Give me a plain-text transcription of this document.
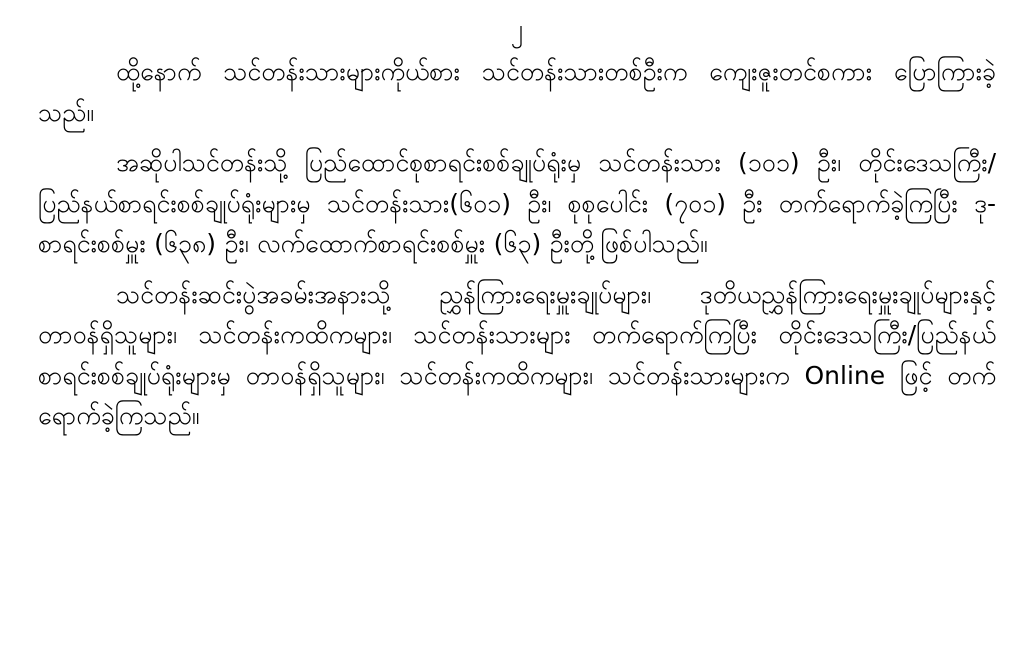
၂

ထို့နောက် သင်တန်းသားများကိုယ်စား သင်တန်းသားတစ်ဦးက ကျေးဇူးတင်စကား ပြောကြားခဲ့သည်။

အဆိုပါသင်တန်းသို့ ပြည်ထောင်စုစာရင်းစစ်ချုပ်ရုံးမှ သင်တန်းသား (၁၀၁) ဦး၊ တိုင်းဒေသကြီး/ပြည်နယ်စာရင်းစစ်ချုပ်ရုံးများမှ သင်တန်းသား(၆၀၁) ဦး၊ စုစုပေါင်း (၇၀၁) ဦး တက်ရောက်ခဲ့ကြပြီး ဒု-စာရင်းစစ်မှူး (၆၃၈) ဦး၊ လက်ထောက်စာရင်းစစ်မှူး (၆၃) ဦးတို့ဖြစ်ပါသည်။

သင်တန်းဆင်းပွဲအခမ်းအနားသို့ ညွှန်ကြားရေးမှူးချုပ်များ၊ ဒုတိယညွှန်ကြားရေးမှူးချုပ်များနှင့် တာဝန်ရှိသူများ၊ သင်တန်းကထိကများ၊ သင်တန်းသားများ တက်ရောက်ကြပြီး တိုင်းဒေသကြီး/ပြည်နယ်စာရင်းစစ်ချုပ်ရုံးများမှ တာဝန်ရှိသူများ၊ သင်တန်းကထိကများ၊ သင်တန်းသားများက Online ဖြင့် တက်ရောက်ခဲ့ကြသည်။
